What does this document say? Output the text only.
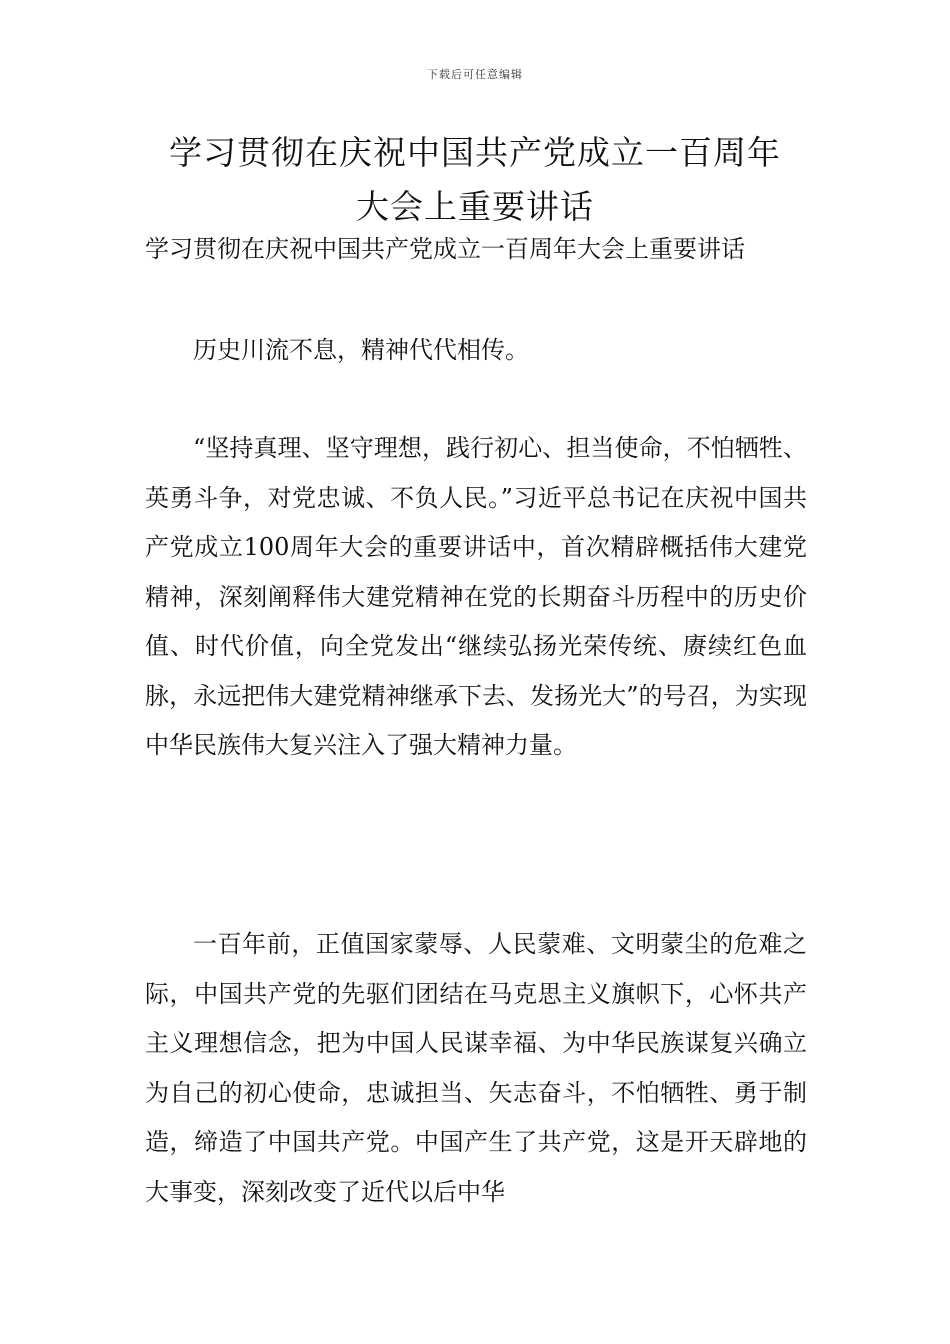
下载后可任意编辑
学习贯彻在庆祝中国共产党成立一百周年
大会上重要讲话

学习贯彻在庆祝中国共产党成立一百周年大会上重要讲话

历史川流不息，精神代代相传。

“坚持真理、坚守理想，践行初心、担当使命，不怕牺牲、英勇斗争，对党忠诚、不负人民。”习近平总书记在庆祝中国共产党成立100周年大会的重要讲话中，首次精辟概括伟大建党精神，深刻阐释伟大建党精神在党的长期奋斗历程中的历史价值、时代价值，向全党发出“继续弘扬光荣传统、赓续红色血脉，永远把伟大建党精神继承下去、发扬光大”的号召，为实现中华民族伟大复兴注入了强大精神力量。

一百年前，正值国家蒙辱、人民蒙难、文明蒙尘的危难之际，中国共产党的先驱们团结在马克思主义旗帜下，心怀共产主义理想信念，把为中国人民谋幸福、为中华民族谋复兴确立为自己的初心使命，忠诚担当、矢志奋斗，不怕牺牲、勇于制造，缔造了中国共产党。中国产生了共产党，这是开天辟地的大事变，深刻改变了近代以后中华
